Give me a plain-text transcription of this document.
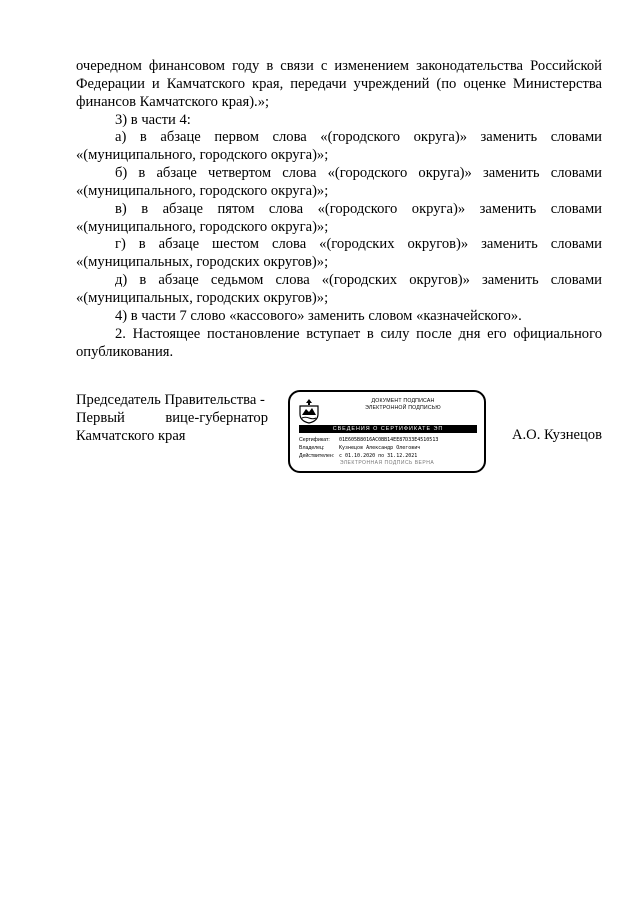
очередном финансовом году в связи с изменением законодательства Российской Федерации и Камчатского края, передачи учреждений (по оценке Министерства финансов Камчатского края).»;

3) в части 4:

а) в абзаце первом слова «(городского округа)» заменить словами «(муниципального, городского округа)»;

б) в абзаце четвертом слова «(городского округа)» заменить словами «(муниципального, городского округа)»;

в) в абзаце пятом слова «(городского округа)» заменить словами «(муниципального, городского округа)»;

г) в абзаце шестом слова «(городских округов)» заменить словами «(муниципальных, городских округов)»;

д) в абзаце седьмом слова «(городских округов)» заменить словами «(муниципальных, городских округов)»;

4) в части 7 слово «кассового» заменить словом «казначейского».

2. Настоящее постановление вступает в силу после дня его официального опубликования.

Председатель Правительства -
Первый	вице-губернатор
Камчатского края
ДОКУМЕНТ ПОДПИСАН
ЭЛЕКТРОННОЙ ПОДПИСЬЮ
СВЕДЕНИЯ О СЕРТИФИКАТЕ ЭП
Сертификат:	01E605B8016AC0BB14EE87D33E4510513
Владелец:	Кузнецов Александр Олегович
Действителен: с 01.10.2020 по 31.12.2021
ЭЛЕКТРОННАЯ ПОДПИСЬ ВЕРНА
А.О. Кузнецов
